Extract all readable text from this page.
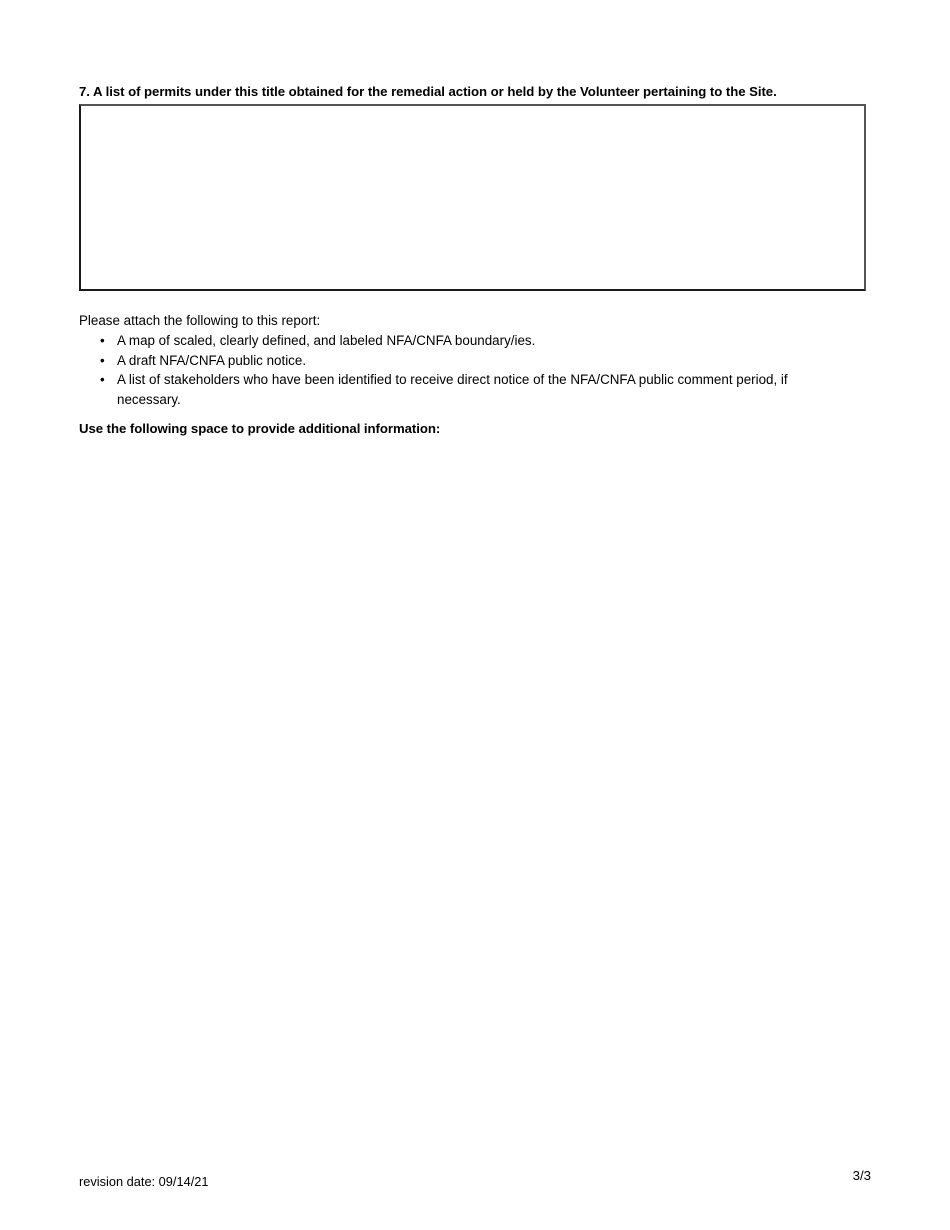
7. A list of permits under this title obtained for the remedial action or held by the Volunteer pertaining to the Site.
Please attach the following to this report:
• A map of scaled, clearly defined, and labeled NFA/CNFA boundary/ies.
• A draft NFA/CNFA public notice.
• A list of stakeholders who have been identified to receive direct notice of the NFA/CNFA public comment period, if necessary.
Use the following space to provide additional information:
revision date: 09/14/21	3/3
